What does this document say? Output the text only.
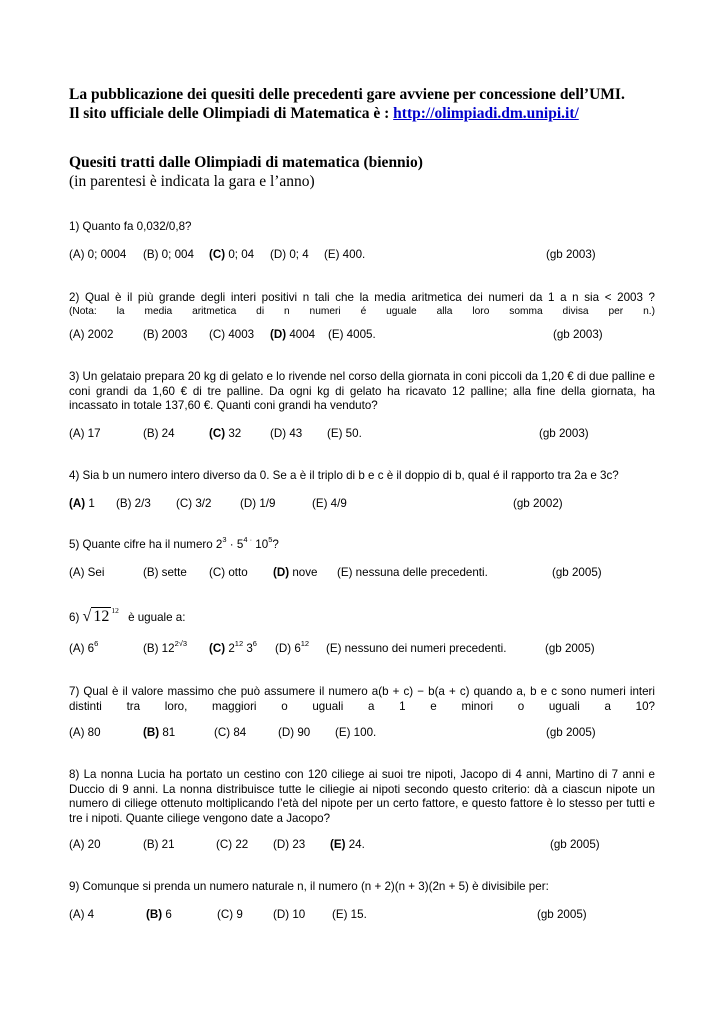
La pubblicazione dei quesiti delle precedenti gare avviene per concessione dell’UMI.
Il sito ufficiale delle Olimpiadi di Matematica è : http://olimpiadi.dm.unipi.it/
Quesiti tratti dalle Olimpiadi di matematica (biennio)
(in parentesi è indicata la gara e l’anno)
1) Quanto fa 0,032/0,8?
(A) 0; 0004 (B) 0; 004 (C) 0; 04 (D) 0; 4 (E) 400.	(gb 2003)
2) Qual è il più grande degli interi positivi n tali che la media aritmetica dei numeri da 1 a n sia < 2003 ?
(Nota: la media aritmetica di n numeri é uguale alla loro somma divisa per n.)
(A) 2002	(B) 2003 (C) 4003 (D) 4004 (E) 4005.	(gb 2003)
3) Un gelataio prepara 20 kg di gelato e lo rivende nel corso della giornata in coni piccoli da 1,20 € di due palline e coni grandi da 1,60 € di tre palline. Da ogni kg di gelato ha ricavato 12 palline; alla fine della giornata, ha incassato in totale 137,60 €. Quanti coni grandi ha venduto?
(A) 17	(B) 24	(C) 32 (D) 43 (E) 50.	(gb 2003)
4) Sia b un numero intero diverso da 0. Se a è il triplo di b e c è il doppio di b, qual é il rapporto tra 2a e 3c?
(A) 1 (B) 2/3 (C) 3/2 (D) 1/9	(E) 4/9	(gb 2002)
5) Quante cifre ha il numero $2^3 \cdot 5^{4 \cdot}$ $10^5$?
(A) Sei	(B) sette (C) otto (D) nove (E) nessuna delle precedenti.	(gb 2005)
6) √ 12 $^{12}$ è uguale a:
(A) $6^6$	(B) $12^{2√3}$ (C) $2^{12}$ $3^6$ (D) $6^{12}$ (E) nessuno dei numeri precedenti.	(gb 2005)
7) Qual è il valore massimo che può assumere il numero a(b + c) − b(a + c) quando a, b e c sono numeri interi distinti tra loro, maggiori o uguali a 1 e minori o uguali a 10?
(A) 80	(B) 81	(C) 84	(D) 90 (E) 100.	(gb 2005)
8) La nonna Lucia ha portato un cestino con 120 ciliege ai suoi tre nipoti, Jacopo di 4 anni, Martino di 7 anni e Duccio di 9 anni. La nonna distribuisce tutte le ciliegie ai nipoti secondo questo criterio: dà a ciascun nipote un numero di ciliege ottenuto moltiplicando l’età del nipote per un certo fattore, e questo fattore è lo stesso per tutti e tre i nipoti. Quante ciliege vengono date a Jacopo?
(A) 20	(B) 21	(C) 22 (D) 23 (E) 24.	(gb 2005)
9) Comunque si prenda un numero naturale n, il numero (n + 2)(n + 3)(2n + 5) è divisibile per:
(A) 4	(B) 6	(C) 9	(D) 10 (E) 15.	(gb 2005)
